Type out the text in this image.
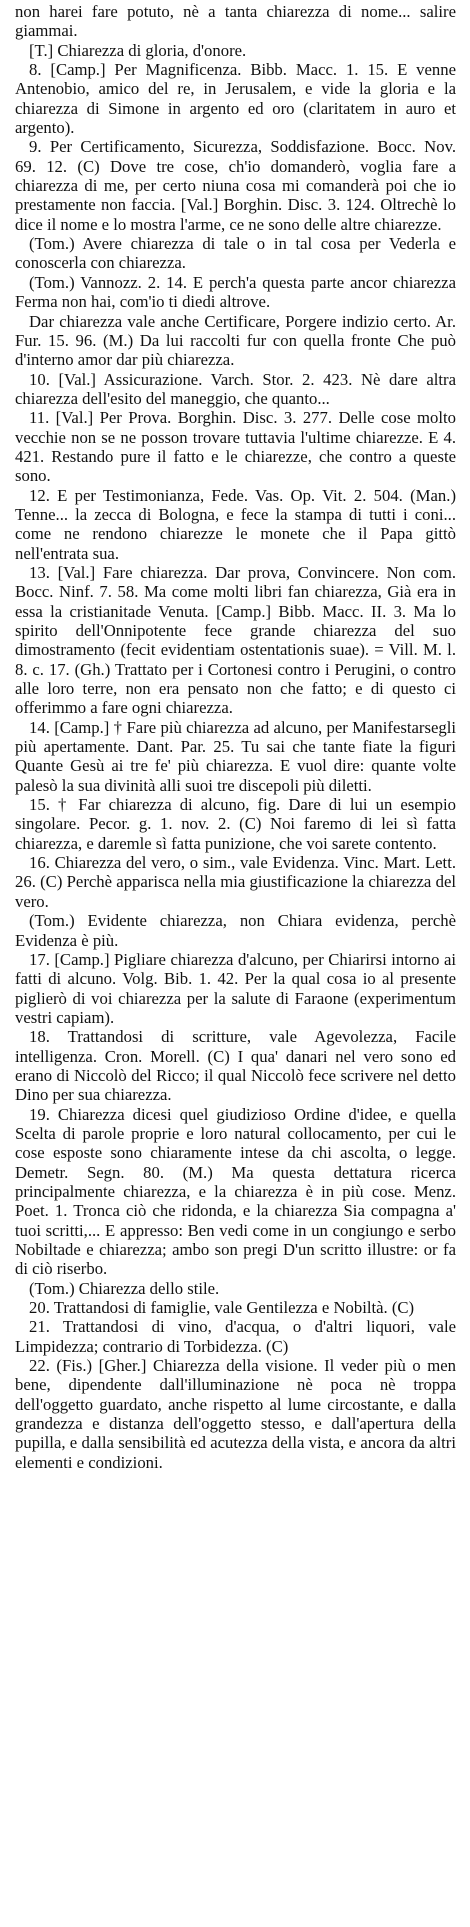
non harei fare potuto, nè a tanta chiarezza di nome... salire giammai.

[T.] Chiarezza di gloria, d'onore.

8. [Camp.] Per Magnificenza. Bibb. Macc. 1. 15. E venne Antenobio, amico del re, in Jerusalem, e vide la gloria e la chiarezza di Simone in argento ed oro (claritatem in auro et argento).

9. Per Certificamento, Sicurezza, Soddisfazione. Bocc. Nov. 69. 12. (C) Dove tre cose, ch'io domanderò, voglia fare a chiarezza di me, per certo niuna cosa mi comanderà poi che io prestamente non faccia. [Val.] Borghin. Disc. 3. 124. Oltrechè lo dice il nome e lo mostra l'arme, ce ne sono delle altre chiarezze.

(Tom.) Avere chiarezza di tale o in tal cosa per Vederla e conoscerla con chiarezza.

(Tom.) Vannozz. 2. 14. E perch'a questa parte ancor chiarezza Ferma non hai, com'io ti diedi altrove.

Dar chiarezza vale anche Certificare, Porgere indizio certo. Ar. Fur. 15. 96. (M.) Da lui raccolti fur con quella fronte Che può d'interno amor dar più chiarezza.

10. [Val.] Assicurazione. Varch. Stor. 2. 423. Nè dare altra chiarezza dell'esito del maneggio, che quanto...

11. [Val.] Per Prova. Borghin. Disc. 3. 277. Delle cose molto vecchie non se ne posson trovare tuttavia l'ultime chiarezze. E 4. 421. Restando pure il fatto e le chiarezze, che contro a queste sono.

12. E per Testimonianza, Fede. Vas. Op. Vit. 2. 504. (Man.) Tenne... la zecca di Bologna, e fece la stampa di tutti i coni... come ne rendono chiarezze le monete che il Papa gittò nell'entrata sua.

13. [Val.] Fare chiarezza. Dar prova, Convincere. Non com. Bocc. Ninf. 7. 58. Ma come molti libri fan chiarezza, Già era in essa la cristianitade Venuta. [Camp.] Bibb. Macc. II. 3. Ma lo spirito dell'Onnipotente fece grande chiarezza del suo dimostramento (fecit evidentiam ostentationis suae). = Vill. M. l. 8. c. 17. (Gh.) Trattato per i Cortonesi contro i Perugini, o contro alle loro terre, non era pensato non che fatto; e di questo ci offerimmo a fare ogni chiarezza.

14. [Camp.] † Fare più chiarezza ad alcuno, per Manifestarsegli più apertamente. Dant. Par. 25. Tu sai che tante fiate la figuri Quante Gesù ai tre fe' più chiarezza. E vuol dire: quante volte palesò la sua divinità alli suoi tre discepoli più diletti.

15. † Far chiarezza di alcuno, fig. Dare di lui un esempio singolare. Pecor. g. 1. nov. 2. (C) Noi faremo di lei sì fatta chiarezza, e daremle sì fatta punizione, che voi sarete contento.

16. Chiarezza del vero, o sim., vale Evidenza. Vinc. Mart. Lett. 26. (C) Perchè apparisca nella mia giustificazione la chiarezza del vero.

(Tom.) Evidente chiarezza, non Chiara evidenza, perchè Evidenza è più.

17. [Camp.] Pigliare chiarezza d'alcuno, per Chiarirsi intorno ai fatti di alcuno. Volg. Bib. 1. 42. Per la qual cosa io al presente piglierò di voi chiarezza per la salute di Faraone (experimentum vestri capiam).

18. Trattandosi di scritture, vale Agevolezza, Facile intelligenza. Cron. Morell. (C) I qua' danari nel vero sono ed erano di Niccolò del Ricco; il qual Niccolò fece scrivere nel detto Dino per sua chiarezza.

19. Chiarezza dicesi quel giudizioso Ordine d'idee, e quella Scelta di parole proprie e loro natural collocamento, per cui le cose esposte sono chiaramente intese da chi ascolta, o legge. Demetr. Segn. 80. (M.) Ma questa dettatura ricerca principalmente chiarezza, e la chiarezza è in più cose. Menz. Poet. 1. Tronca ciò che ridonda, e la chiarezza Sia compagna a' tuoi scritti,... E appresso: Ben vedi come in un congiungo e serbo Nobiltade e chiarezza; ambo son pregi D'un scritto illustre: or fa di ciò riserbo.

(Tom.) Chiarezza dello stile.

20. Trattandosi di famiglie, vale Gentilezza e Nobiltà. (C)

21. Trattandosi di vino, d'acqua, o d'altri liquori, vale Limpidezza; contrario di Torbidezza. (C)

22. (Fis.) [Gher.] Chiarezza della visione. Il veder più o men bene, dipendente dall'illuminazione nè poca nè troppa dell'oggetto guardato, anche rispetto al lume circostante, e dalla grandezza e distanza dell'oggetto stesso, e dall'apertura della pupilla, e dalla sensibilità ed acutezza della vista, e ancora da altri elementi e condizioni.
